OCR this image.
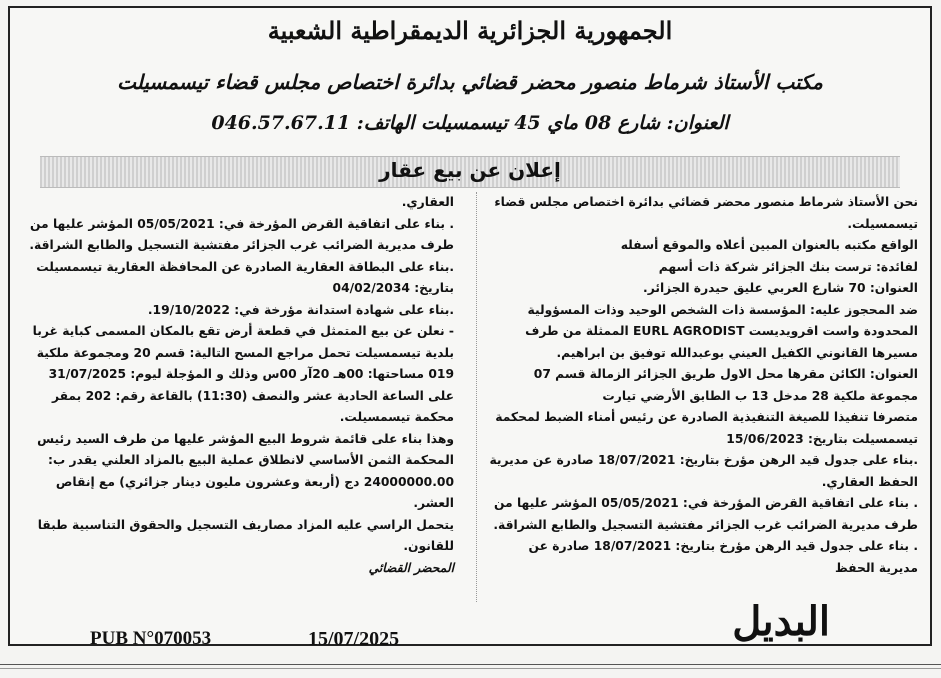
الجمهورية الجزائرية الديمقراطية الشعبية
مكتب الأستاذ شرماط منصور محضر قضائي بدائرة اختصاص مجلس قضاء تيسمسيلت
العنوان: شارع 08 ماي 45 تيسمسيلت الهاتف: 046.57.67.11
إعلان عن بيع عقار

نحن الأستاذ شرماط منصور محضر قضائي بدائرة اختصاص مجلس قضاء تيسمسيلت.

الواقع مكتبه بالعنوان المبين أعلاه والموقع أسفله

لفائدة: ترست بنك الجزائر شركة ذات أسهم

العنوان: 70 شارع العربي عليق حيدرة الجزائر.

ضد المحجوز عليه: المؤسسة ذات الشخص الوحيد وذات المسؤولية المحدودة واست اقرويديست EURL AGRODIST الممثلة من طرف مسيرها القانوني الكفيل العيني بوعبدالله توفيق بن ابراهيم.

العنوان: الكائن مقرها محل الاول طريق الجزائر الزمالة قسم 07 مجموعة ملكية 28 مدخل 13 ب الطابق الأرضي تيارت

متصرفا تنفيذا للصيغة التنفيذية الصادرة عن رئيس أمناء الضبط لمحكمة تيسمسيلت بتاريخ: 15/06/2023

.بناء على جدول قيد الرهن مؤرخ بتاريخ: 18/07/2021 صادرة عن مديرية الحفظ العقاري.

. بناء على اتفاقية القرض المؤرخة في: 05/05/2021 المؤشر عليها من طرف مديرية الضرائب غرب الجزائر مفتشية التسجيل والطابع الشراقة.

. بناء على جدول قيد الرهن مؤرخ بتاريخ: 18/07/2021 صادرة عن مديرية الحفظ

العقاري.

. بناء على اتفاقية القرض المؤرخة في: 05/05/2021 المؤشر عليها من طرف مديرية الضرائب غرب الجزائر مفتشية التسجيل والطابع الشراقة.

.بناء على البطاقة العقارية الصادرة عن المحافظة العقارية تيسمسيلت بتاريخ: 04/02/2034

.بناء على شهادة استدانة مؤرخة في: 19/10/2022.

- نعلن عن بيع المتمثل في قطعة أرض تقع بالمكان المسمى كباية غربا بلدية تيسمسيلت تحمل مراجع المسح التالية: قسم 20 ومجموعة ملكية 019 مساحتها: 00هـ 20آر 00س وذلك و المؤجلة ليوم: 31/07/2025 على الساعة الحادية عشر والنصف (11:30) بالقاعة رقم: 202 بمقر محكمة تيسمسيلت.

وهذا بناء على قائمة شروط البيع المؤشر عليها من طرف السيد رئيس المحكمة الثمن الأساسي لانطلاق عملية البيع بالمزاد العلني يقدر ب: 24000000.00 دج (أربعة وعشرون مليون دينار جزائري) مع إنقاص العشر.

يتحمل الراسي عليه المزاد مصاريف التسجيل والحقوق التناسبية طبقا للقانون.

المحضر القضائي

البديل
PUB N°070053	15/07/2025
